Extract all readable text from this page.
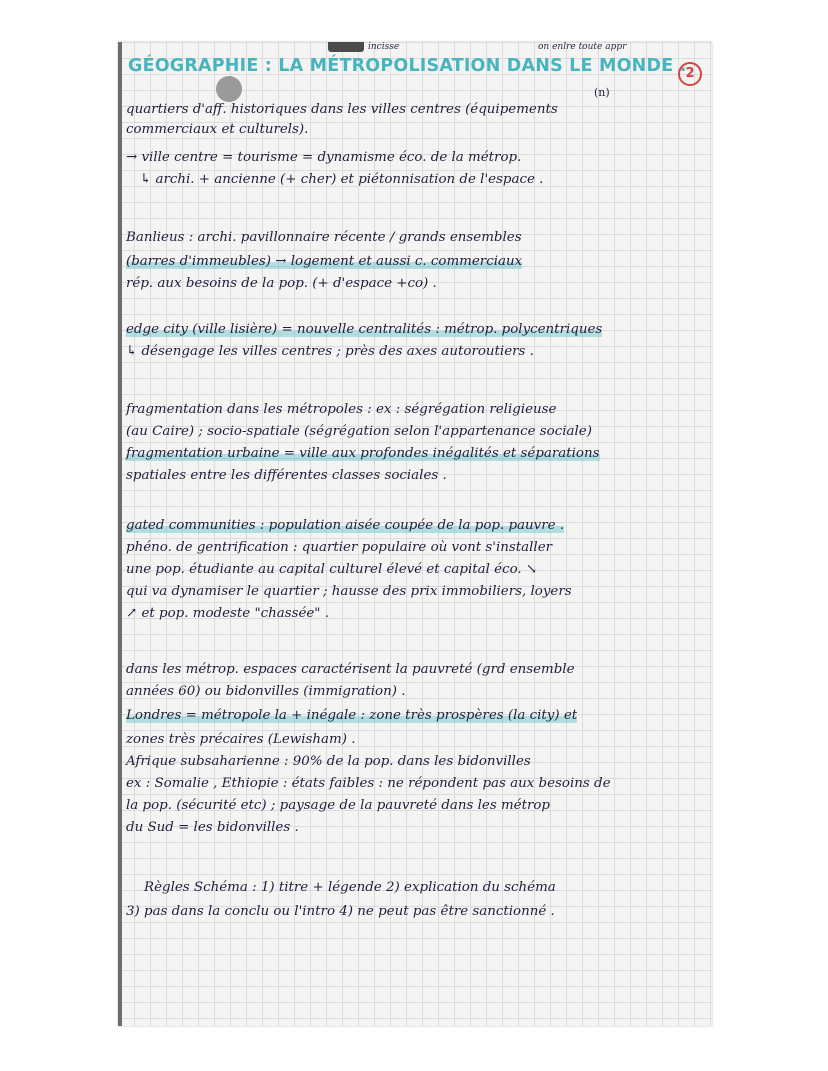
incisse	on enlre toute appr
GÉOGRAPHIE : LA MÉTROPOLISATION DANS LE MONDE .
2
(n)
quartiers d'aff. historiques dans les villes centres (équipements
commerciaux et culturels).
→ ville centre = tourisme = dynamisme éco. de la métrop.
↳ archi. + ancienne (+ cher) et piétonnisation de l'espace .
Banlieus : archi. pavillonnaire récente / grands ensembles
(barres d'immeubles) → logement et aussi c. commerciaux
rép. aux besoins de la pop. (+ d'espace +co) .
edge city (ville lisière) = nouvelle centralités : métrop. polycentriques
↳ désengage les villes centres ; près des axes autoroutiers .
fragmentation dans les métropoles : ex : ségrégation religieuse
(au Caire) ; socio-spatiale (ségrégation selon l'appartenance sociale)
fragmentation urbaine = ville aux profondes inégalités et séparations
spatiales entre les différentes classes sociales .
gated communities : population aisée coupée de la pop. pauvre .
phéno. de gentrification : quartier populaire où vont s'installer
une pop. étudiante au capital culturel élevé et capital éco. ↘
qui va dynamiser le quartier ; hausse des prix immobiliers, loyers
↗ et pop. modeste "chassée" .
dans les métrop. espaces caractérisent la pauvreté (grd ensemble
années 60) ou bidonvilles (immigration) .
Londres = métropole la + inégale : zone très prospères (la city) et
zones très précaires (Lewisham) .
Afrique subsaharienne : 90% de la pop. dans les bidonvilles
ex : Somalie , Ethiopie : états faibles : ne répondent pas aux besoins de
la pop. (sécurité etc) ; paysage de la pauvreté dans les métrop
du Sud = les bidonvilles .
Règles Schéma : 1) titre + légende 2) explication du schéma
3) pas dans la conclu ou l'intro 4) ne peut pas être sanctionné .
